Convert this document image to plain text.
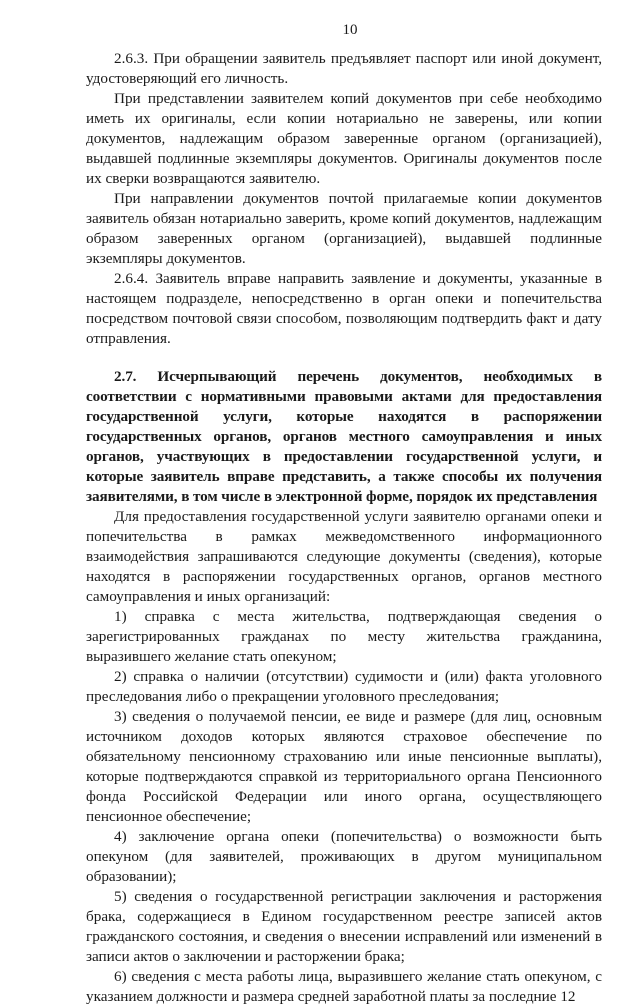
10

2.6.3. При обращении заявитель предъявляет паспорт или иной документ, удостоверяющий его личность.

При представлении заявителем копий документов при себе необходимо иметь их оригиналы, если копии нотариально не заверены, или копии документов, надлежащим образом заверенные органом (организацией), выдавшей подлинные экземпляры документов. Оригиналы документов после их сверки возвращаются заявителю.

При направлении документов почтой прилагаемые копии документов заявитель обязан нотариально заверить, кроме копий документов, надлежащим образом заверенных органом (организацией), выдавшей подлинные экземпляры документов.

2.6.4. Заявитель вправе направить заявление и документы, указанные в настоящем подразделе, непосредственно в орган опеки и попечительства посредством почтовой связи способом, позволяющим подтвердить факт и дату отправления.

2.7. Исчерпывающий перечень документов, необходимых в соответствии с нормативными правовыми актами для предоставления государственной услуги, которые находятся в распоряжении государственных органов, органов местного самоуправления и иных органов, участвующих в предоставлении государственной услуги, и которые заявитель вправе представить, а также способы их получения заявителями, в том числе в электронной форме, порядок их представления

Для предоставления государственной услуги заявителю органами опеки и попечительства в рамках межведомственного информационного взаимодействия запрашиваются следующие документы (сведения), которые находятся в распоряжении государственных органов, органов местного самоуправления и иных организаций:

1) справка с места жительства, подтверждающая сведения о зарегистрированных гражданах по месту жительства гражданина, выразившего желание стать опекуном;

2) справка о наличии (отсутствии) судимости и (или) факта уголовного преследования либо о прекращении уголовного преследования;

3) сведения о получаемой пенсии, ее виде и размере (для лиц, основным источником доходов которых являются страховое обеспечение по обязательному пенсионному страхованию или иные пенсионные выплаты), которые подтверждаются справкой из территориального органа Пенсионного фонда Российской Федерации или иного органа, осуществляющего пенсионное обеспечение;

4) заключение органа опеки (попечительства) о возможности быть опекуном (для заявителей, проживающих в другом муниципальном образовании);

5) сведения о государственной регистрации заключения и расторжения брака, содержащиеся в Едином государственном реестре записей актов гражданского состояния, и сведения о внесении исправлений или изменений в записи актов о заключении и расторжении брака;

6) сведения с места работы лица, выразившего желание стать опекуном, с указанием должности и размера средней заработной платы за последние 12
